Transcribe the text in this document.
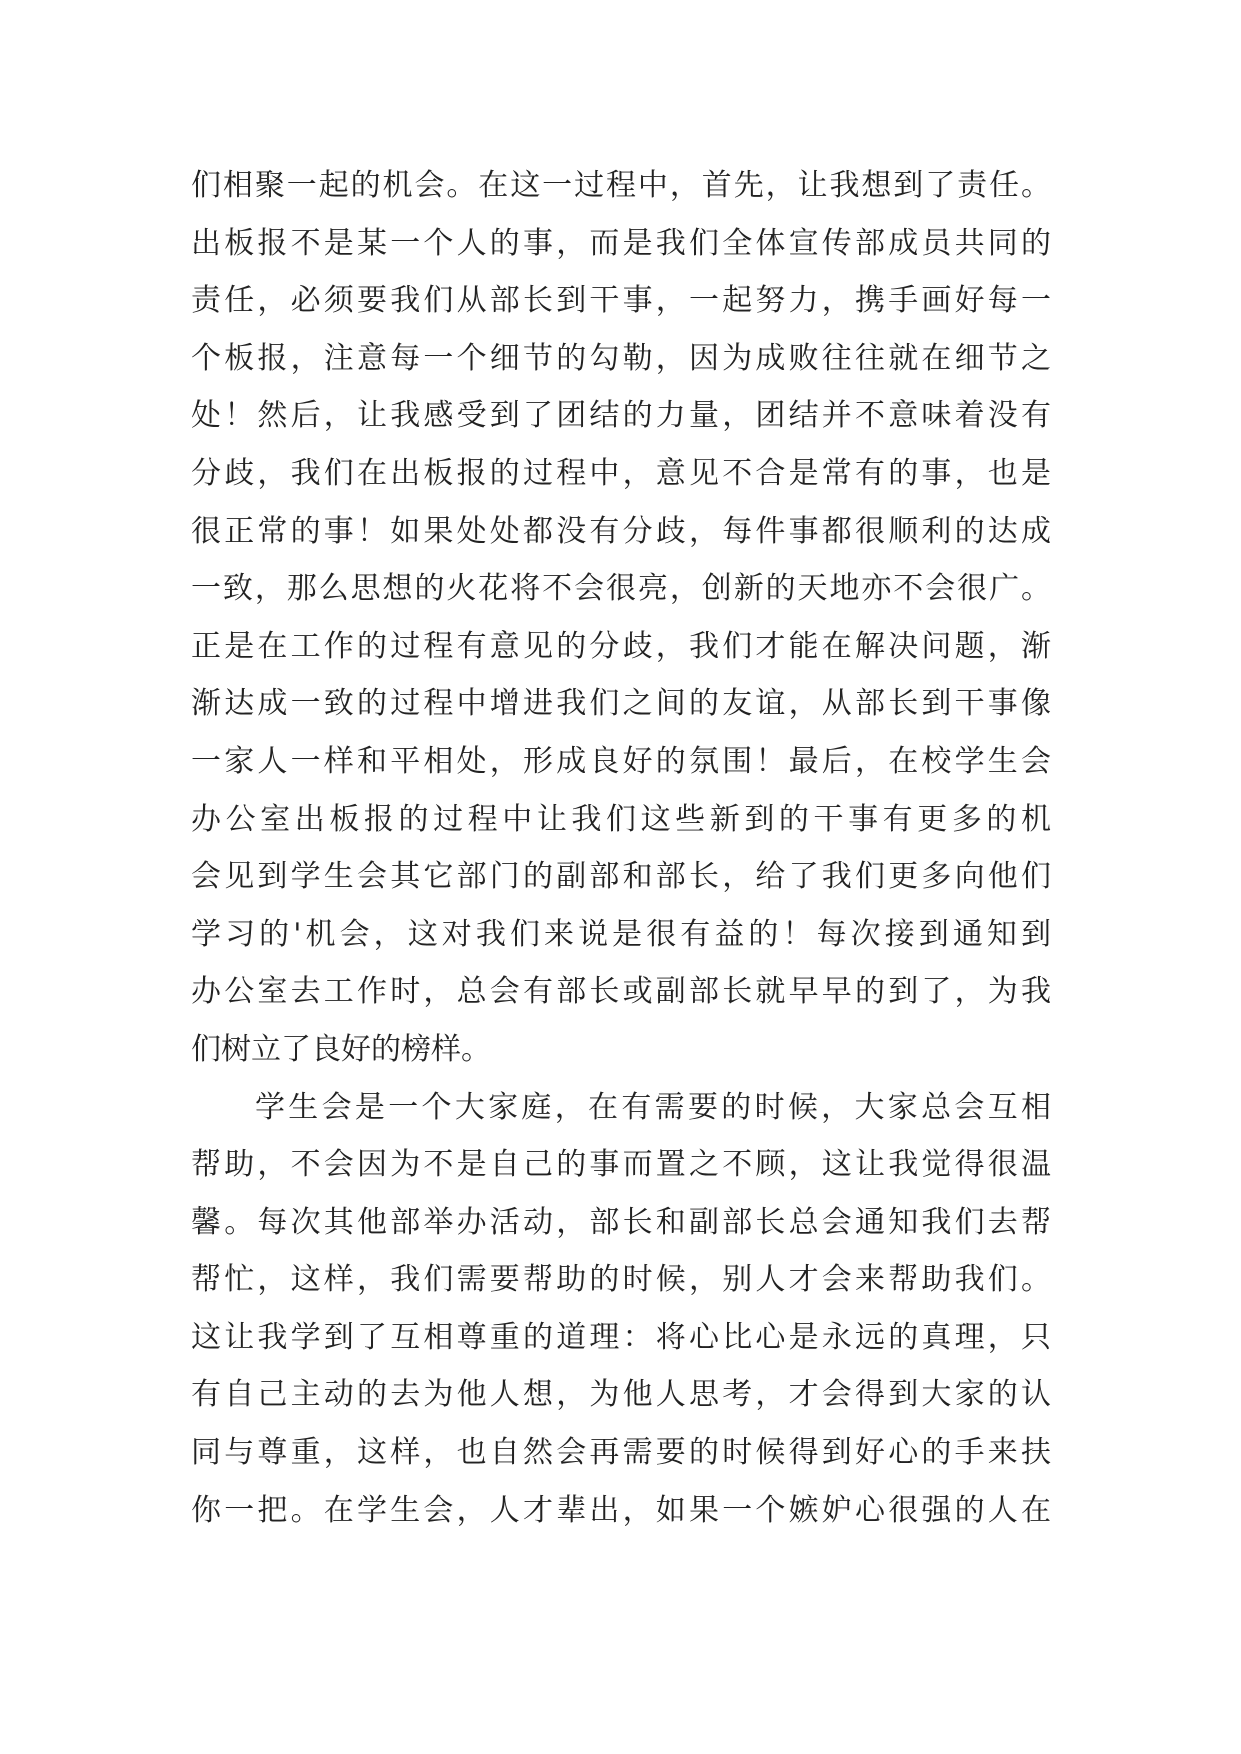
们相聚一起的机会。在这一过程中，首先，让我想到了责任。
出板报不是某一个人的事，而是我们全体宣传部成员共同的
责任，必须要我们从部长到干事，一起努力，携手画好每一
个板报，注意每一个细节的勾勒，因为成败往往就在细节之
处！然后，让我感受到了团结的力量，团结并不意味着没有
分歧，我们在出板报的过程中，意见不合是常有的事，也是
很正常的事！如果处处都没有分歧，每件事都很顺利的达成
一致，那么思想的火花将不会很亮，创新的天地亦不会很广。
正是在工作的过程有意见的分歧，我们才能在解决问题，渐
渐达成一致的过程中增进我们之间的友谊，从部长到干事像
一家人一样和平相处，形成良好的氛围！最后，在校学生会
办公室出板报的过程中让我们这些新到的干事有更多的机
会见到学生会其它部门的副部和部长，给了我们更多向他们
学习的'机会，这对我们来说是很有益的！每次接到通知到
办公室去工作时，总会有部长或副部长就早早的到了，为我
们树立了良好的榜样。
学生会是一个大家庭，在有需要的时候，大家总会互相
帮助，不会因为不是自己的事而置之不顾，这让我觉得很温
馨。每次其他部举办活动，部长和副部长总会通知我们去帮
帮忙，这样，我们需要帮助的时候，别人才会来帮助我们。
这让我学到了互相尊重的道理：将心比心是永远的真理，只
有自己主动的去为他人想，为他人思考，才会得到大家的认
同与尊重，这样，也自然会再需要的时候得到好心的手来扶
你一把。在学生会，人才辈出，如果一个嫉妒心很强的人在
